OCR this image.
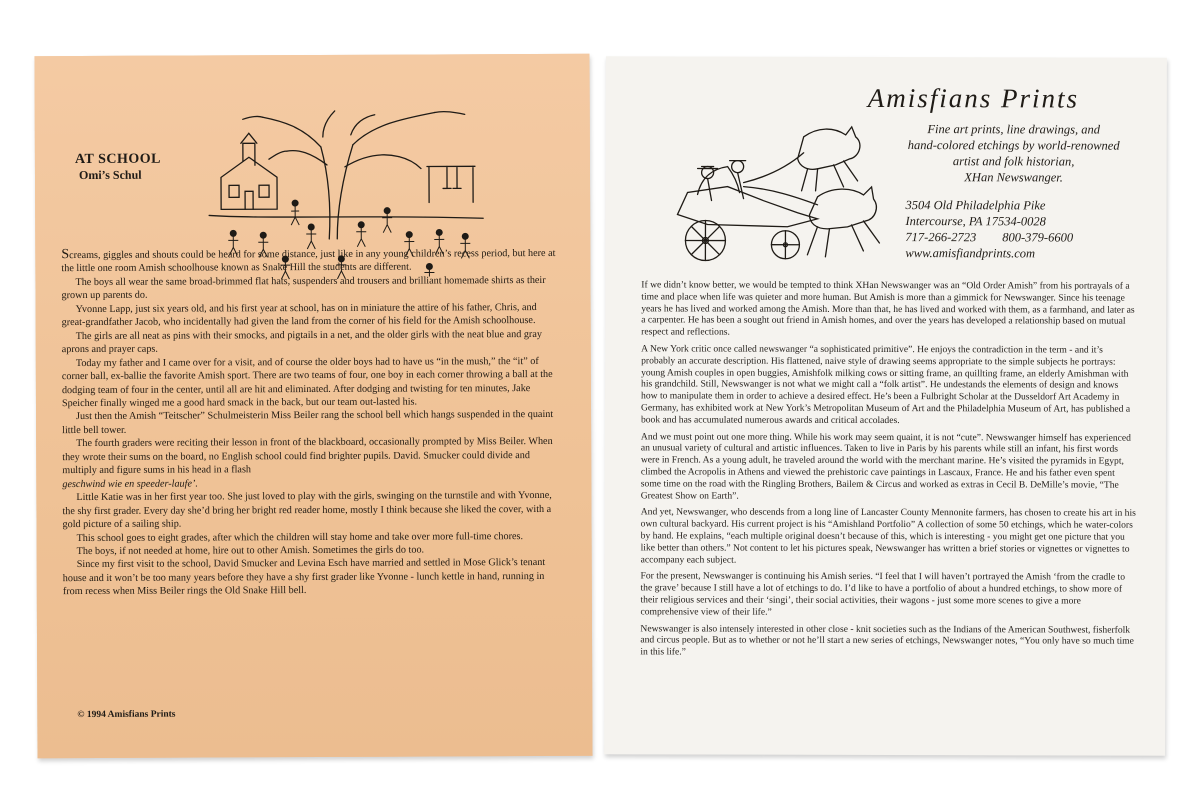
AT SCHOOL
Omi’s Schul

Screams, giggles and shouts could be heard for some distance, just like in any young children’s recess period, but here at the little one room Amish schoolhouse known as Snake Hill the students are different.

The boys all wear the same broad-brimmed flat hats, suspenders and trousers and brilliant homemade shirts as their grown up parents do.

Yvonne Lapp, just six years old, and his first year at school, has on in miniature the attire of his father, Chris, and great-grandfather Jacob, who incidentally had given the land from the corner of his field for the Amish schoolhouse.

The girls are all neat as pins with their smocks, and pigtails in a net, and the older girls with the neat blue and gray aprons and prayer caps.

Today my father and I came over for a visit, and of course the older boys had to have us “in the mush,” the “it” of corner ball, ex-ballie the favorite Amish sport. There are two teams of four, one boy in each corner throwing a ball at the dodging team of four in the center, until all are hit and eliminated. After dodging and twisting for ten minutes, Jake Speicher finally winged me a good hard smack in the back, but our team out-lasted his.

Just then the Amish “Teitscher” Schulmeisterin Miss Beiler rang the school bell which hangs suspended in the quaint little bell tower.

The fourth graders were reciting their lesson in front of the blackboard, occasionally prompted by Miss Beiler. When they wrote their sums on the board, no English school could find brighter pupils. David. Smucker could divide and multiply and figure sums in his head in a flash

geschwind wie en speeder-laufe’.

Little Katie was in her first year too. She just loved to play with the girls, swinging on the turnstile and with Yvonne, the shy first grader. Every day she’d bring her bright red reader home, mostly I think because she liked the cover, with a gold picture of a sailing ship.

This school goes to eight grades, after which the children will stay home and take over more full-time chores.

The boys, if not needed at home, hire out to other Amish. Sometimes the girls do too.

Since my first visit to the school, David Smucker and Levina Esch have married and settled in Mose Glick’s tenant house and it won’t be too many years before they have a shy first grader like Yvonne - lunch kettle in hand, running in from recess when Miss Beiler rings the Old Snake Hill bell.

© 1994 Amisfians Prints
Amisfians Prints
Fine art prints, line drawings, and
hand-colored etchings by world-renowned
artist and folk historian,
XHan Newswanger.
3504 Old Philadelphia Pike
Intercourse, PA 17534-0028
717-266-2723 800-379-6600
www.amisfiandprints.com

If we didn’t know better, we would be tempted to think XHan Newswanger was an “Old Order Amish” from his portrayals of a time and place when life was quieter and more human. But Amish is more than a gimmick for Newswanger. Since his teenage years he has lived and worked among the Amish. More than that, he has lived and worked with them, as a farmhand, and later as a carpenter. He has been a sought out friend in Amish homes, and over the years has developed a relationship based on mutual respect and reflections.

A New York critic once called newswanger “a sophisticated primitive”. He enjoys the contradiction in the term - and it’s probably an accurate description. His flattened, naive style of drawing seems appropriate to the simple subjects he portrays: young Amish couples in open buggies, Amishfolk milking cows or sitting frame, an quillting frame, an elderly Amishman with his grandchild. Still, Newswanger is not what we might call a “folk artist”. He undestands the elements of design and knows how to manipulate them in order to achieve a desired effect. He’s been a Fulbright Scholar at the Dusseldorf Art Academy in Germany, has exhibited work at New York’s Metropolitan Museum of Art and the Philadelphia Museum of Art, has published a book and has accumulated numerous awards and critical accolades.

And we must point out one more thing. While his work may seem quaint, it is not “cute”. Newswanger himself has experienced an unusual variety of cultural and artistic influences. Taken to live in Paris by his parents while still an infant, his first words were in French. As a young adult, he traveled around the world with the merchant marine. He’s visited the pyramids in Egypt, climbed the Acropolis in Athens and viewed the prehistoric cave paintings in Lascaux, France. He and his father even spent some time on the road with the Ringling Brothers, Bailem & Circus and worked as extras in Cecil B. DeMille’s movie, “The Greatest Show on Earth”.

And yet, Newswanger, who descends from a long line of Lancaster County Mennonite farmers, has chosen to create his art in his own cultural backyard. His current project is his “Amishland Portfolio” A collection of some 50 etchings, which he water-colors by hand. He explains, “each multiple original doesn’t because of this, which is interesting - you might get one picture that you like better than others.” Not content to let his pictures speak, Newswanger has written a brief stories or vignettes or vignettes to accompany each subject.

For the present, Newswanger is continuing his Amish series. “I feel that I will haven’t portrayed the Amish ‘from the cradle to the grave’ because I still have a lot of etchings to do. I’d like to have a portfolio of about a hundred etchings, to show more of their religious services and their ‘singi’, their social activities, their wagons - just some more scenes to give a more comprehensive view of their life.”

Newswanger is also intensely interested in other close - knit societies such as the Indians of the American Southwest, fisherfolk and circus people. But as to whether or not he’ll start a new series of etchings, Newswanger notes, “You only have so much time in this life.”
